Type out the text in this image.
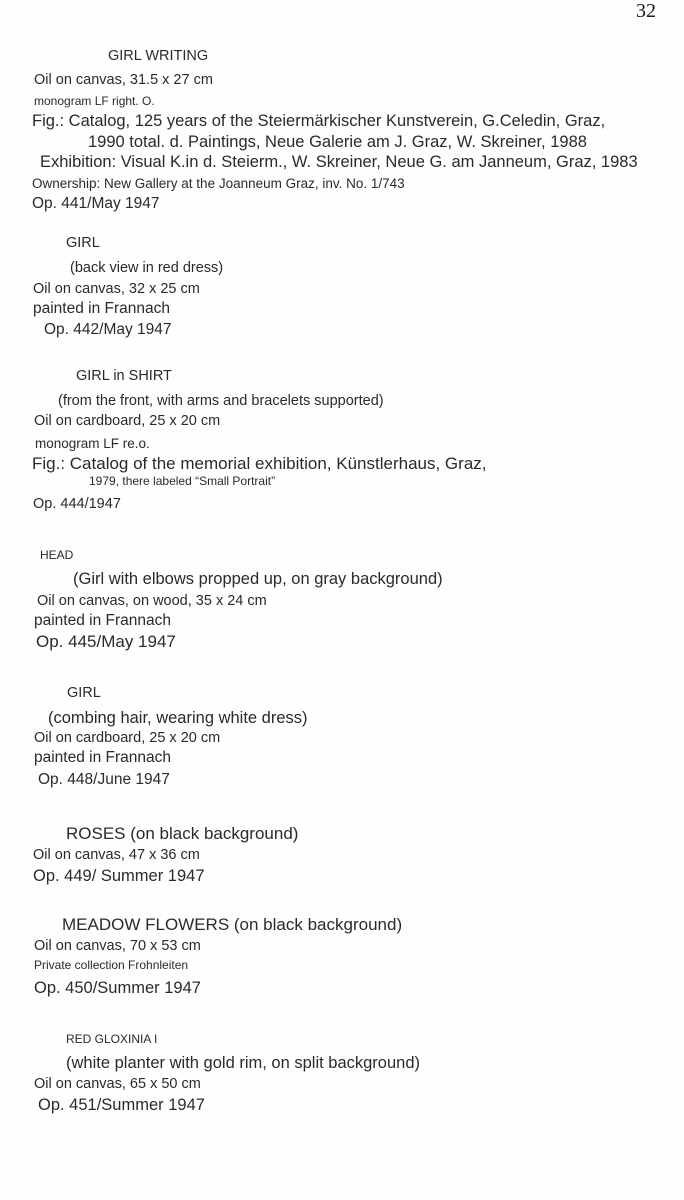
32
GIRL WRITING
Oil on canvas, 31.5 x 27 cm
monogram LF right. O.
Fig.: Catalog, 125 years of the Steiermärkischer Kunstverein, G.Celedin, Graz,
1990 total. d. Paintings, Neue Galerie am J. Graz, W. Skreiner, 1988
Exhibition: Visual K.in d. Steierm., W. Skreiner, Neue G. am Janneum, Graz, 1983
Ownership: New Gallery at the Joanneum Graz, inv. No. 1/743
Op. 441/May 1947
GIRL
(back view in red dress)
Oil on canvas, 32 x 25 cm
painted in Frannach
Op. 442/May 1947
GIRL in SHIRT
(from the front, with arms and bracelets supported)
Oil on cardboard, 25 x 20 cm
monogram LF re.o.
Fig.: Catalog of the memorial exhibition, Künstlerhaus, Graz,
1979, there labeled “Small Portrait”
Op. 444/1947
HEAD
(Girl with elbows propped up, on gray background)
Oil on canvas, on wood, 35 x 24 cm
painted in Frannach
Op. 445/May 1947
GIRL
(combing hair, wearing white dress)
Oil on cardboard, 25 x 20 cm
painted in Frannach
Op. 448/June 1947
ROSES (on black background)
Oil on canvas, 47 x 36 cm
Op. 449/ Summer 1947
MEADOW FLOWERS (on black background)
Oil on canvas, 70 x 53 cm
Private collection Frohnleiten
Op. 450/Summer 1947
RED GLOXINIA I
(white planter with gold rim, on split background)
Oil on canvas, 65 x 50 cm
Op. 451/Summer 1947
